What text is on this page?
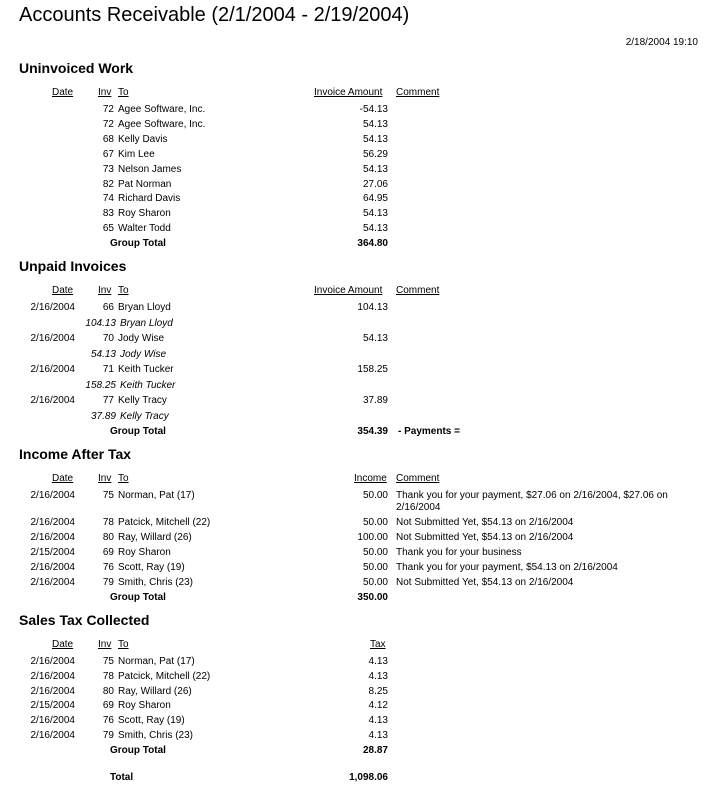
Accounts Receivable (2/1/2004 - 2/19/2004)
2/18/2004 19:10
Uninvoiced Work
Date Inv To	Invoice Amount Comment
72 Agee Software, Inc.	-54.13
72 Agee Software, Inc.	54.13
68 Kelly Davis	54.13
67 Kim Lee	56.29
73 Nelson James	54.13
82 Pat Norman	27.06
74 Richard Davis	64.95
83 Roy Sharon	54.13
65 Walter Todd	54.13
Group Total	364.80
Unpaid Invoices
Date Inv To	Invoice Amount Comment
2/16/2004	66 Bryan Lloyd	104.13
104.13 Bryan Lloyd
2/16/2004	70 Jody Wise	54.13
54.13 Jody Wise
2/16/2004	71 Keith Tucker	158.25
158.25 Keith Tucker
2/16/2004	77 Kelly Tracy	37.89
37.89 Kelly Tracy
Group Total	354.39 - Payments =
Income After Tax
Date Inv To	Income Comment
2/16/2004	75 Norman, Pat (17)	50.00 Thank you for your payment, $27.06 on 2/16/2004, $27.06 on 2/16/2004
2/16/2004	78 Patcick, Mitchell (22)	50.00 Not Submitted Yet, $54.13 on 2/16/2004
2/16/2004	80 Ray, Willard (26)	100.00 Not Submitted Yet, $54.13 on 2/16/2004
2/15/2004	69 Roy Sharon	50.00 Thank you for your business
2/16/2004	76 Scott, Ray (19)	50.00 Thank you for your payment, $54.13 on 2/16/2004
2/16/2004	79 Smith, Chris (23)	50.00 Not Submitted Yet, $54.13 on 2/16/2004
Group Total	350.00
Sales Tax Collected
Date Inv To	Tax
2/16/2004	75 Norman, Pat (17)	4.13
2/16/2004	78 Patcick, Mitchell (22)	4.13
2/16/2004	80 Ray, Willard (26)	8.25
2/15/2004	69 Roy Sharon	4.12
2/16/2004	76 Scott, Ray (19)	4.13
2/16/2004	79 Smith, Chris (23)	4.13
Group Total	28.87
Total	1,098.06
